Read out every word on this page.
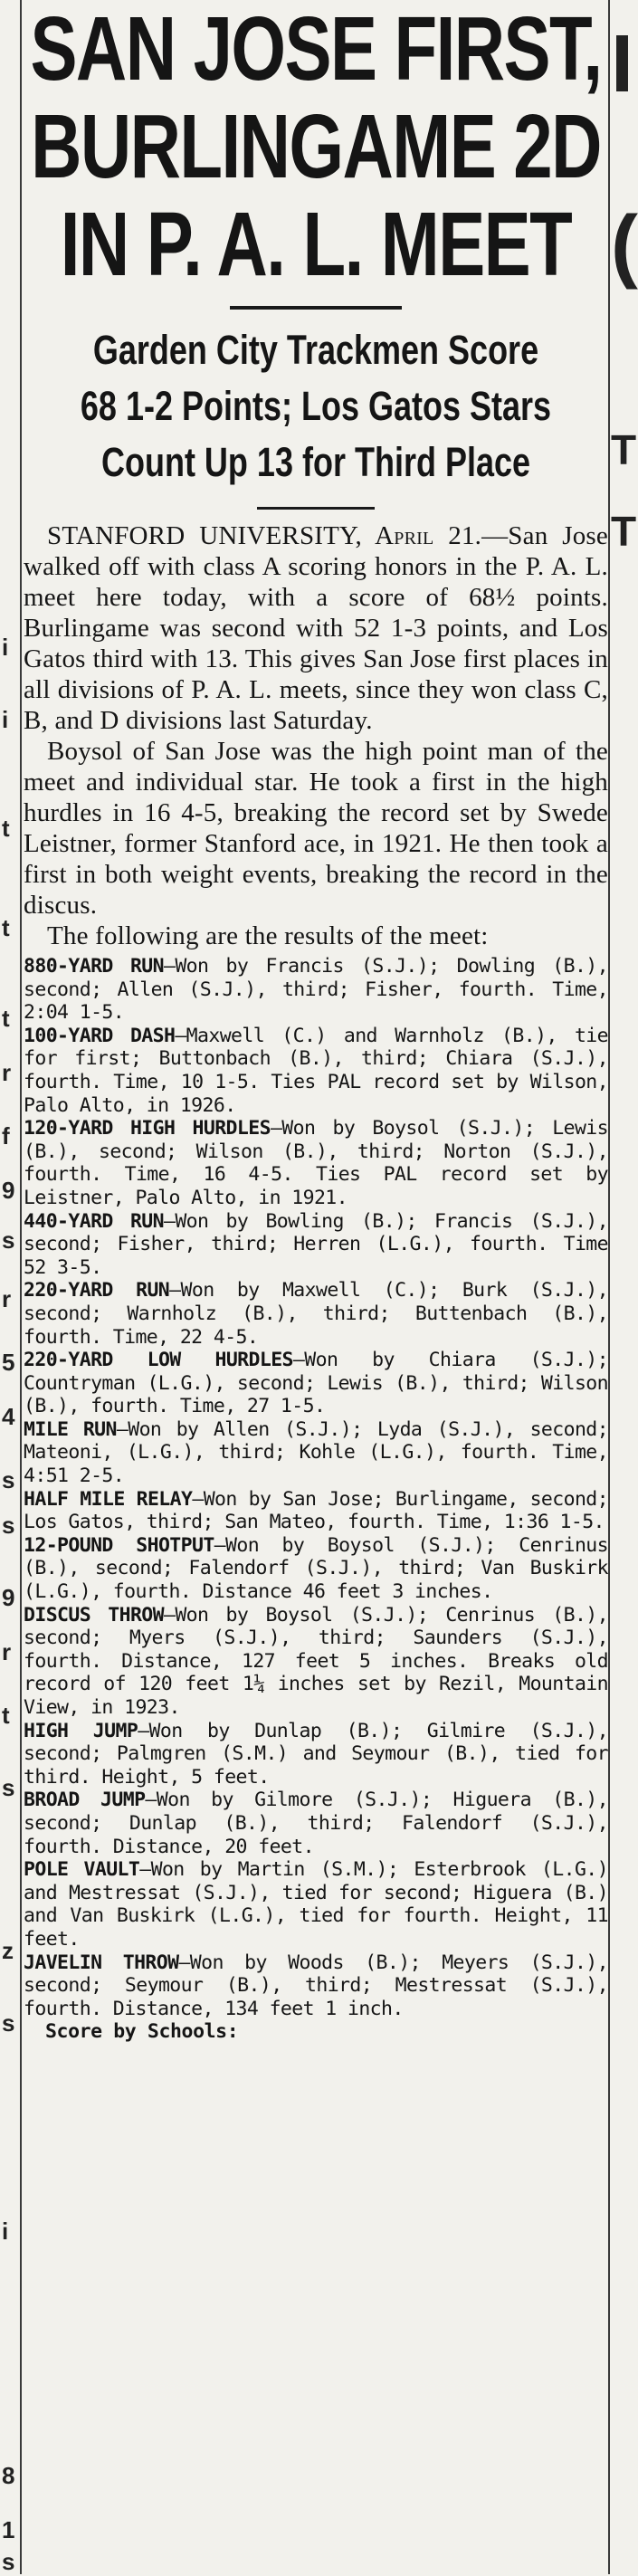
i
i
t
t
t
r
f
9
s
r
5
4
s
s
9
r
t
s
z
s
i
8
1
s
I
(
T
T
SAN JOSE FIRST,
BURLINGAME 2D
IN P. A. L. MEET
Garden City Trackmen Score
68 1-2 Points; Los Gatos Stars
Count Up 13 for Third Place

STANFORD UNIVERSITY, April 21.—San Jose walked off with class A scoring honors in the P. A. L. meet here today, with a score of 68½ points. Burlingame was second with 52 1-3 points, and Los Gatos third with 13. This gives San Jose first places in all divisions of P. A. L. meets, since they won class C, B, and D divisions last Saturday.

Boysol of San Jose was the high point man of the meet and individual star. He took a first in the high hurdles in 16 4-5, breaking the record set by Swede Leistner, former Stanford ace, in 1921. He then took a first in both weight events, breaking the record in the discus.

The following are the results of the meet:

880-YARD RUN—Won by Francis (S.J.); Dowling (B.), second; Allen (S.J.), third; Fisher, fourth. Time, 2:04 1-5.

100-YARD DASH—Maxwell (C.) and Warnholz (B.), tie for first; Buttonbach (B.), third; Chiara (S.J.), fourth. Time, 10 1-5. Ties PAL record set by Wilson, Palo Alto, in 1926.

120-YARD HIGH HURDLES—Won by Boysol (S.J.); Lewis (B.), second; Wilson (B.), third; Norton (S.J.), fourth. Time, 16 4-5. Ties PAL record set by Leistner, Palo Alto, in 1921.

440-YARD RUN—Won by Bowling (B.); Francis (S.J.), second; Fisher, third; Herren (L.G.), fourth. Time 52 3-5.

220-YARD RUN—Won by Maxwell (C.); Burk (S.J.), second; Warnholz (B.), third; Buttenbach (B.), fourth. Time, 22 4-5.

220-YARD LOW HURDLES—Won by Chiara (S.J.); Countryman (L.G.), second; Lewis (B.), third; Wilson (B.), fourth. Time, 27 1-5.

MILE RUN—Won by Allen (S.J.); Lyda (S.J.), second; Mateoni, (L.G.), third; Kohle (L.G.), fourth. Time, 4:51 2-5.

HALF MILE RELAY—Won by San Jose; Burlingame, second; Los Gatos, third; San Mateo, fourth. Time, 1:36 1-5.

12-POUND SHOTPUT—Won by Boysol (S.J.); Cenrinus (B.), second; Falendorf (S.J.), third; Van Buskirk (L.G.), fourth. Distance 46 feet 3 inches.

DISCUS THROW—Won by Boysol (S.J.); Cenrinus (B.), second; Myers (S.J.), third; Saunders (S.J.), fourth. Distance, 127 feet 5 inches. Breaks old record of 120 feet 1¼ inches set by Rezil, Mountain View, in 1923.

HIGH JUMP—Won by Dunlap (B.); Gilmire (S.J.), second; Palmgren (S.M.) and Seymour (B.), tied for third. Height, 5 feet.

BROAD JUMP—Won by Gilmore (S.J.); Higuera (B.), second; Dunlap (B.), third; Falendorf (S.J.), fourth. Distance, 20 feet.

POLE VAULT—Won by Martin (S.M.); Esterbrook (L.G.) and Mestressat (S.J.), tied for second; Higuera (B.) and Van Buskirk (L.G.), tied for fourth. Height, 11 feet.

JAVELIN THROW—Won by Woods (B.); Meyers (S.J.), second; Seymour (B.), third; Mestressat (S.J.), fourth. Distance, 134 feet 1 inch.

Score by Schools:
